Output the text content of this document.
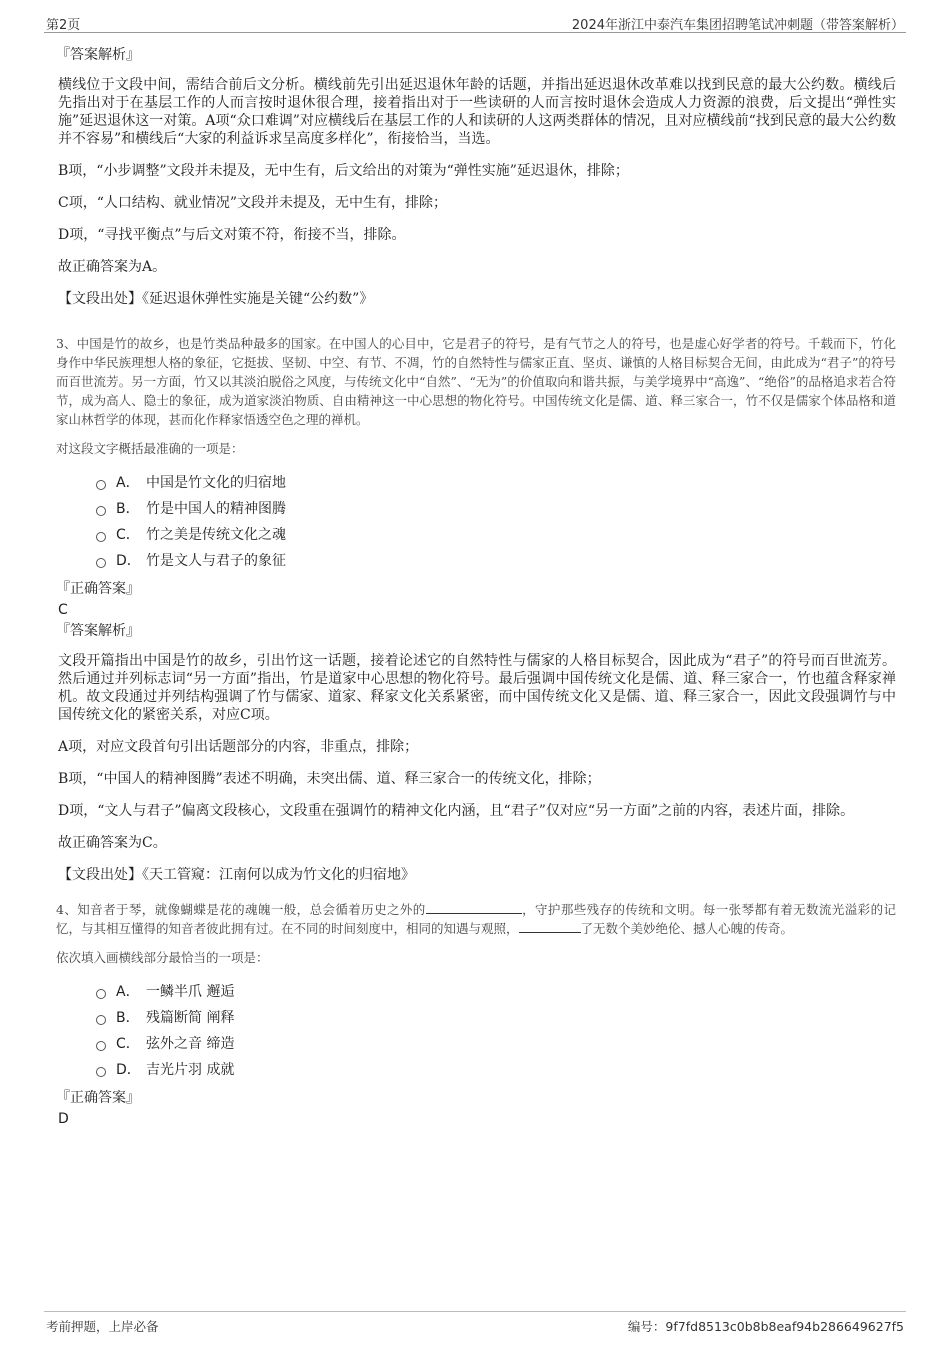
第2页	2024年浙江中泰汽车集团招聘笔试冲刺题（带答案解析）
『答案解析』

横线位于文段中间，需结合前后文分析。横线前先引出延迟退休年龄的话题，并指出延迟退休改革难以找到民意的最大公约数。横线后先指出对于在基层工作的人而言按时退休很合理，接着指出对于一些读研的人而言按时退休会造成人力资源的浪费，后文提出“弹性实施”延迟退休这一对策。A项“众口难调”对应横线后在基层工作的人和读研的人这两类群体的情况，且对应横线前“找到民意的最大公约数并不容易”和横线后“大家的利益诉求呈高度多样化”，衔接恰当，当选。

B项，“小步调整”文段并未提及，无中生有，后文给出的对策为“弹性实施”延迟退休，排除；

C项，“人口结构、就业情况”文段并未提及，无中生有，排除；

D项，“寻找平衡点”与后文对策不符，衔接不当，排除。

故正确答案为A。

【文段出处】《延迟退休弹性实施是关键“公约数”》

3、中国是竹的故乡，也是竹类品种最多的国家。在中国人的心目中，它是君子的符号，是有气节之人的符号，也是虚心好学者的符号。千载而下，竹化身作中华民族理想人格的象征，它挺拔、坚韧、中空、有节、不凋，竹的自然特性与儒家正直、坚贞、谦慎的人格目标契合无间，由此成为“君子”的符号而百世流芳。另一方面，竹又以其淡泊脱俗之风度，与传统文化中“自然”、“无为”的价值取向和谐共振，与美学境界中“高逸”、“绝俗”的品格追求若合符节，成为高人、隐士的象征，成为道家淡泊物质、自由精神这一中心思想的物化符号。中国传统文化是儒、道、释三家合一，竹不仅是儒家个体品格和道家山林哲学的体现，甚而化作释家悟透空色之理的禅机。

对这段文字概括最准确的一项是：

A． 中国是竹文化的归宿地
B． 竹是中国人的精神图腾
C． 竹之美是传统文化之魂
D． 竹是文人与君子的象征
『正确答案』
C
『答案解析』

文段开篇指出中国是竹的故乡，引出竹这一话题，接着论述它的自然特性与儒家的人格目标契合，因此成为“君子”的符号而百世流芳。然后通过并列标志词“另一方面”指出，竹是道家中心思想的物化符号。最后强调中国传统文化是儒、道、释三家合一，竹也蕴含释家禅机。故文段通过并列结构强调了竹与儒家、道家、释家文化关系紧密，而中国传统文化又是儒、道、释三家合一，因此文段强调竹与中国传统文化的紧密关系，对应C项。

A项，对应文段首句引出话题部分的内容，非重点，排除；

B项，“中国人的精神图腾”表述不明确，未突出儒、道、释三家合一的传统文化，排除；

D项，“文人与君子”偏离文段核心，文段重在强调竹的精神文化内涵，且“君子”仅对应“另一方面”之前的内容，表述片面，排除。

故正确答案为C。

【文段出处】《天工管窥：江南何以成为竹文化的归宿地》

4、知音者于琴，就像蝴蝶是花的魂魄一般，总会循着历史之外的	，守护那些残存的传统和文明。每一张琴都有着无数流光溢彩的记忆，与其相互懂得的知音者彼此拥有过。在不同的时间刻度中，相同的知遇与观照，	了无数个美妙绝伦、撼人心魄的传奇。

依次填入画横线部分最恰当的一项是：

A． 一鳞半爪 邂逅
B． 残篇断简 阐释
C． 弦外之音 缔造
D． 吉光片羽 成就
『正确答案』
D
考前押题，上岸必备	编号：9f7fd8513c0b8b8eaf94b286649627f5
